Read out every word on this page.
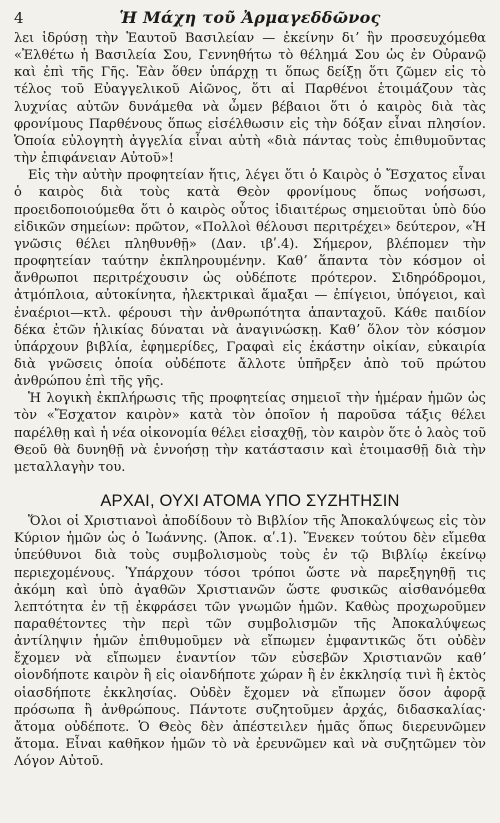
4	Ἡ Μάχη τοῦ Ἀρμαγεδδῶνος

λει ἱδρύσῃ τὴν Ἑαυτοῦ Βασιλείαν — ἐκείνην διʼ ἣν προσευχόμεθα «Ἐλθέτω ἡ Βασιλεία Σου, Γεννηθήτω τὸ θέλημά Σου ὡς ἐν Οὐρανῷ καὶ ἐπὶ τῆς Γῆς. Ἐὰν ὅθεν ὑπάρχῃ τι ὅπως δείξῃ ὅτι ζῶμεν εἰς τὸ τέλος τοῦ Εὐαγγελικοῦ Αἰῶνος, ὅτι αἱ Παρθένοι ἑτοιμάζουν τὰς λυχνίας αὐτῶν δυνάμεθα νὰ ὦμεν βέβαιοι ὅτι ὁ καιρὸς διὰ τὰς φρονίμους Παρθένους ὅπως εἰσέλθωσιν εἰς τὴν δόξαν εἶναι πλησίον. Ὁποία εὐλογητὴ ἀγγελία εἶναι αὐτὴ «διὰ πάντας τοὺς ἐπιθυμοῦντας τὴν ἐπιφάνειαν Αὐτοῦ»!

Εἰς τὴν αὐτὴν προφητείαν ἥτις, λέγει ὅτι ὁ Καιρὸς ὁ Ἔσχατος εἶναι ὁ καιρὸς διὰ τοὺς κατὰ Θεὸν φρονίμους ὅπως νοήσωσι, προειδοποιούμεθα ὅτι ὁ καιρὸς οὗτος ἰδιαιτέρως σημειοῦται ὑπὸ δύο εἰδικῶν σημείων: πρῶτον, «Πολλοὶ θέλουσι περιτρέχει» δεύτερον, «Ἡ γνῶσις θέλει πληθυνθῇ» (Δαν. ιβʹ.4). Σήμερον, βλέπομεν τὴν προφητείαν ταύτην ἐκπληρουμένην. Καθʼ ἅπαντα τὸν κόσμον οἱ ἄνθρωποι περιτρέχουσιν ὡς οὐδέποτε πρότερον. Σιδηρόδρομοι, ἀτμόπλοια, αὐτοκίνητα, ἠλεκτρικαὶ ἅμαξαι — ἐπίγειοι, ὑπόγειοι, καὶ ἐναέριοι—κτλ. φέρουσι τὴν ἀνθρωπότητα ἁπανταχοῦ. Κάθε παιδίον δέκα ἐτῶν ἡλικίας δύναται νὰ ἀναγινώσκῃ. Καθʼ ὅλον τὸν κόσμον ὑπάρχουν βιβλία, ἐφημερίδες, Γραφαὶ εἰς ἑκάστην οἰκίαν, εὐκαιρία διὰ γνῶσεις ὁποία οὐδέποτε ἄλλοτε ὑπῆρξεν ἀπὸ τοῦ πρώτου ἀνθρώπου ἐπὶ τῆς γῆς.

Ἡ λογικὴ ἐκπλήρωσις τῆς προφητείας σημειοῖ τὴν ἡμέραν ἡμῶν ὡς τὸν «Ἔσχατον καιρὸν» κατὰ τὸν ὁποῖον ἡ παροῦσα τάξις θέλει παρέλθῃ καὶ ἡ νέα οἰκονομία θέλει εἰσαχθῇ, τὸν καιρὸν ὅτε ὁ λαὸς τοῦ Θεοῦ θὰ δυνηθῇ νὰ ἐννοήσῃ τὴν κατάστασιν καὶ ἑτοιμασθῇ διὰ τὴν μεταλλαγὴν του.

ΑΡΧΑΙ, ΟΥΧΙ ΑΤΟΜΑ ΥΠΟ ΣΥΖΗΤΗΣΙΝ

Ὅλοι οἱ Χριστιανοὶ ἀποδίδουν τὸ Βιβλίον τῆς Ἀποκαλύψεως εἰς τὸν Κύριον ἡμῶν ὡς ὁ Ἰωάννης. (Ἀποκ. αʹ.1). Ἕνεκεν τούτου δὲν εἴμεθα ὑπεύθυνοι διὰ τοὺς συμβολισμοὺς τοὺς ἐν τῷ Βιβλίῳ ἐκείνῳ περιεχομένους. Ὑπάρχουν τόσοι τρόποι ὥστε νὰ παρεξηγηθῇ τις ἀκόμη καὶ ὑπὸ ἀγαθῶν Χριστιανῶν ὥστε φυσικῶς αἰσθανόμεθα λεπτότητα ἐν τῇ ἐκφράσει τῶν γνωμῶν ἡμῶν. Καθὼς προχωροῦμεν παραθέτοντες τὴν περὶ τῶν συμβολισμῶν τῆς Ἀποκαλύψεως ἀντίληψιν ἡμῶν ἐπιθυμοῦμεν νὰ εἴπωμεν ἐμφαντικῶς ὅτι οὐδὲν ἔχομεν νὰ εἴπωμεν ἐναντίον τῶν εὐσεβῶν Χριστιανῶν καθʼ οἱονδήποτε καιρὸν ἢ εἰς οἱανδήποτε χώραν ἢ ἐν ἐκκλησίᾳ τινὶ ἢ ἐκτὸς οἱασδήποτε ἐκκλησίας. Οὐδὲν ἔχομεν νὰ εἴπωμεν ὅσον ἀφορᾷ πρόσωπα ἢ ἀνθρώπους. Πάντοτε συζητοῦμεν ἀρχάς, διδασκαλίας· ἄτομα οὐδέποτε. Ὁ Θεὸς δὲν ἀπέστειλεν ἡμᾶς ὅπως διερευνῶμεν ἄτομα. Εἶναι καθῆκον ἡμῶν τὸ νὰ ἐρευνῶμεν καὶ νὰ συζητῶμεν τὸν Λόγον Αὐτοῦ.
